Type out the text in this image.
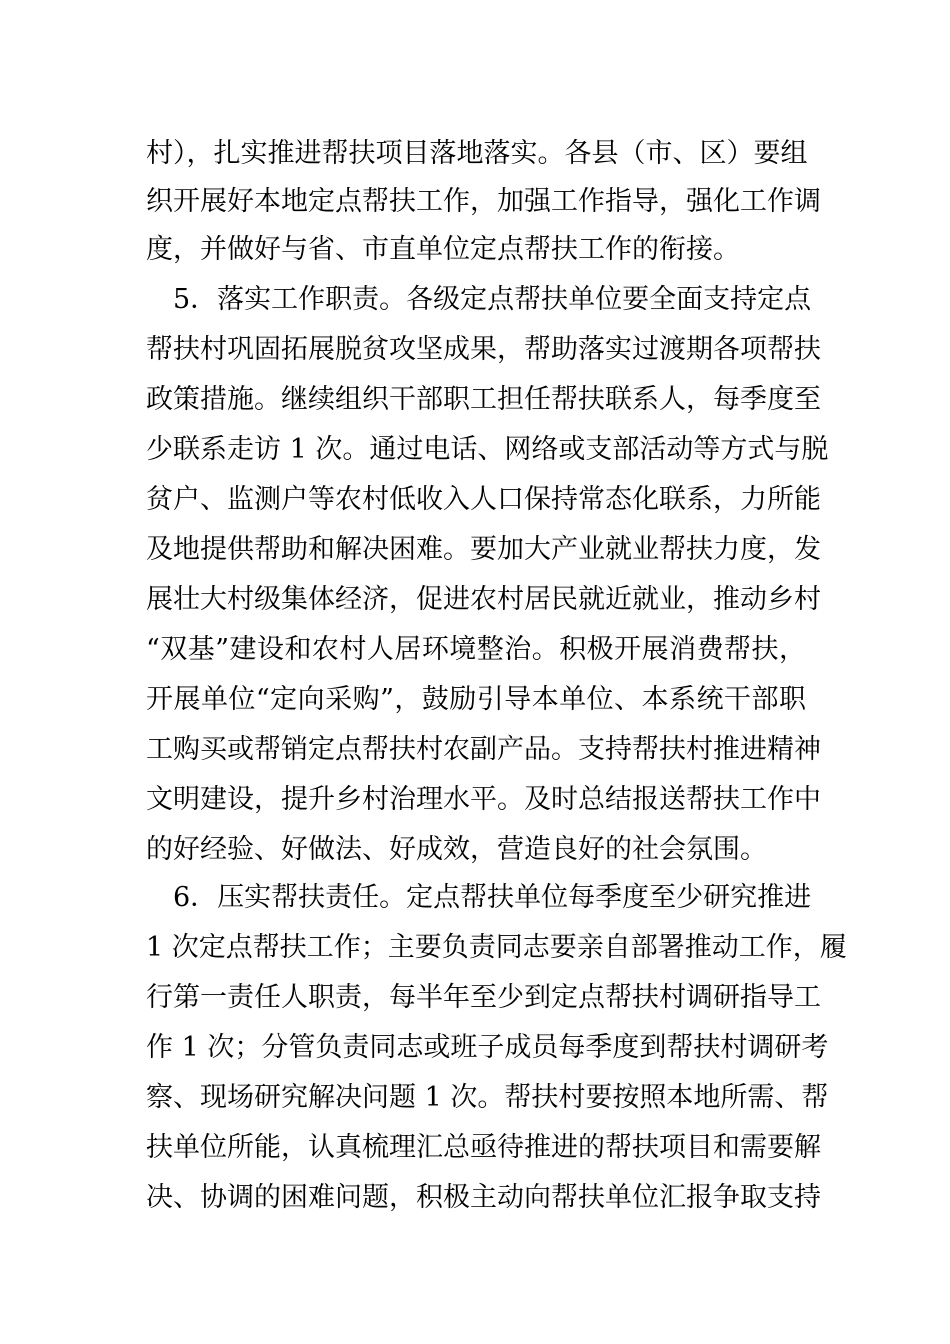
村），扎实推进帮扶项目落地落实。各县（市、区）要组
织开展好本地定点帮扶工作，加强工作指导，强化工作调
度，并做好与省、市直单位定点帮扶工作的衔接。
　5．落实工作职责。各级定点帮扶单位要全面支持定点
帮扶村巩固拓展脱贫攻坚成果，帮助落实过渡期各项帮扶
政策措施。继续组织干部职工担任帮扶联系人，每季度至
少联系走访 1 次。通过电话、网络或支部活动等方式与脱
贫户、监测户等农村低收入人口保持常态化联系，力所能
及地提供帮助和解决困难。要加大产业就业帮扶力度，发
展壮大村级集体经济，促进农村居民就近就业，推动乡村
“双基”建设和农村人居环境整治。积极开展消费帮扶，
开展单位“定向采购”，鼓励引导本单位、本系统干部职
工购买或帮销定点帮扶村农副产品。支持帮扶村推进精神
文明建设，提升乡村治理水平。及时总结报送帮扶工作中
的好经验、好做法、好成效，营造良好的社会氛围。
　6．压实帮扶责任。定点帮扶单位每季度至少研究推进
1 次定点帮扶工作；主要负责同志要亲自部署推动工作，履
行第一责任人职责，每半年至少到定点帮扶村调研指导工
作 1 次；分管负责同志或班子成员每季度到帮扶村调研考
察、现场研究解决问题 1 次。帮扶村要按照本地所需、帮
扶单位所能，认真梳理汇总亟待推进的帮扶项目和需要解
决、协调的困难问题，积极主动向帮扶单位汇报争取支持
